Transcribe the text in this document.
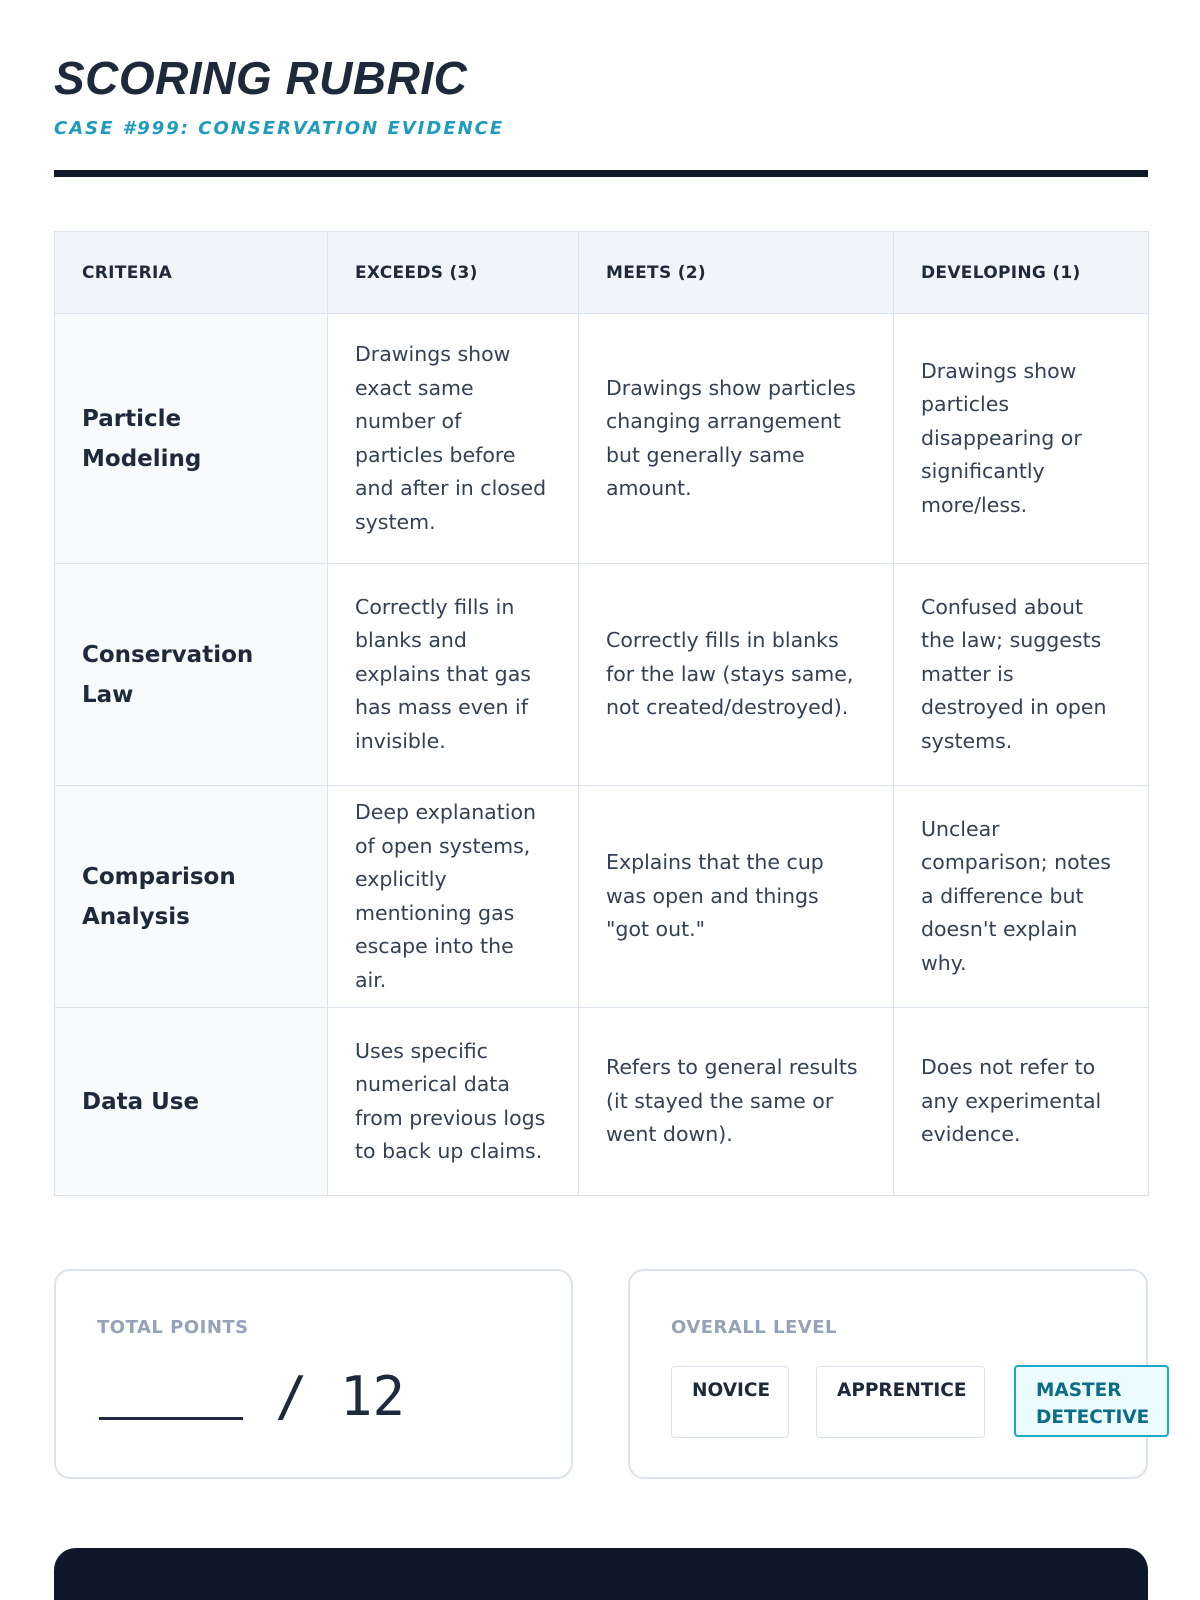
SCORING RUBRIC
CASE #999: CONSERVATION EVIDENCE
CRITERIA	EXCEEDS (3)	MEETS (2)	DEVELOPING (1)
Particle Modeling	Drawings show exact same number of particles before and after in closed system.	Drawings show particles changing arrangement but generally same amount.	Drawings show particles disappearing or significantly more/less.
Conservation Law	Correctly fills in blanks and explains that gas has mass even if invisible.	Correctly fills in blanks for the law (stays same, not created/destroyed).	Confused about the law; suggests matter is destroyed in open systems.
Comparison Analysis	Deep explanation of open systems, explicitly mentioning gas escape into the air.	Explains that the cup was open and things "got out."	Unclear comparison; notes a difference but doesn't explain why.
Data Use	Uses specific numerical data from previous logs to back up claims.	Refers to general results (it stayed the same or went down).	Does not refer to any experimental evidence.
TOTAL POINTS
/ 12
OVERALL LEVEL
NOVICE	APPRENTICE	MASTER DETECTIVE
